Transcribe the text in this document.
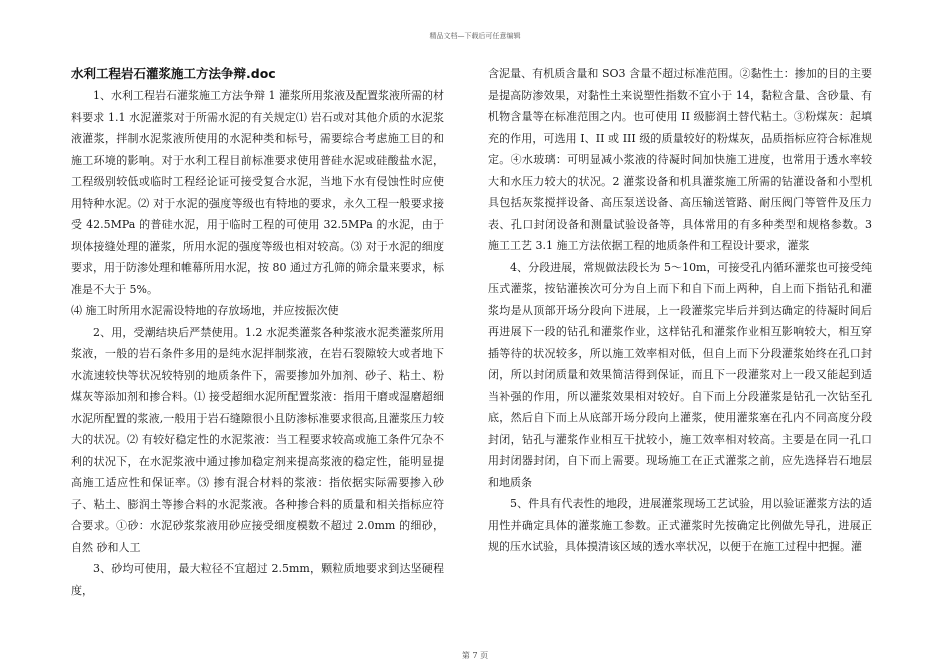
精品文档—下载后可任意编辑

水利工程岩石灌浆施工方法争辩.doc

1、水利工程岩石灌浆施工方法争辩 1 灌浆所用浆液及配置浆液所需的材料要求 1.1 水泥灌浆对于所需水泥的有关规定⑴ 岩石或对其他介质的水泥浆液灌浆，拌制水泥浆液所使用的水泥种类和标号，需要综合考虑施工目的和施工环境的影响。对于水利工程目前标准要求使用普硅水泥或硅酸盐水泥，工程级别较低或临时工程经论证可接受复合水泥，当地下水有侵蚀性时应使用特种水泥。⑵ 对于水泥的强度等级也有特地的要求，永久工程一般要求接受 42.5MPa 的普硅水泥，用于临时工程的可使用 32.5MPa 的水泥，由于坝体接缝处理的灌浆，所用水泥的强度等级也相对较高。⑶ 对于水泥的细度要求，用于防渗处理和帷幕所用水泥，按 80 通过方孔筛的筛余量来要求，标准是不大于 5%。

⑷ 施工时所用水泥需设特地的存放场地，并应按振次使

2、用，受潮结块后严禁使用。1.2 水泥类灌浆各种浆液水泥类灌浆所用浆液，一般的岩石条件多用的是纯水泥拌制浆液，在岩石裂隙较大或者地下水流速较快等状况较特别的地质条件下，需要掺加外加剂、砂子、粘土、粉煤灰等添加剂和掺合料。⑴ 接受超细水泥所配置浆液：指用干磨或湿磨超细水泥所配置的浆液,一般用于岩石缝隙很小且防渗标准要求很高,且灌浆压力较大的状况。⑵ 有较好稳定性的水泥浆液：当工程要求较高或施工条件冗杂不利的状况下，在水泥浆液中通过掺加稳定剂来提高浆液的稳定性，能明显提高施工适应性和保证率。⑶ 掺有混合材料的浆液：指依据实际需要掺入砂子、粘土、膨润土等掺合料的水泥浆液。各种掺合料的质量和相关指标应符合要求。①砂：水泥砂浆浆液用砂应接受细度模数不超过 2.0mm 的细砂，自然 砂和人工

3、砂均可使用，最大粒径不宜超过 2.5mm，颗粒质地要求到达坚硬程度，

含泥量、有机质含量和 SO3 含量不超过标准范围。②黏性土：掺加的目的主要是提高防渗效果，对黏性土来说塑性指数不宜小于 14，黏粒含量、含砂量、有机物含量等在标准范围之内。也可使用 II 级膨润土替代粘土。③粉煤灰：起填充的作用，可选用 I、II 或 III 级的质量较好的粉煤灰，品质指标应符合标准规定。④水玻璃：可明显减小浆液的待凝时间加快施工进度，也常用于透水率较大和水压力较大的状况。2 灌浆设备和机具灌浆施工所需的钻灌设备和小型机具包括灰浆搅拌设备、高压泵送设备、高压输送管路、耐压阀门等管件及压力表、孔口封闭设备和测量试验设备等，具体常用的有多种类型和规格参数。3 施工工艺 3.1 施工方法依据工程的地质条件和工程设计要求，灌浆

4、分段进展，常规做法段长为 5～10m，可接受孔内循环灌浆也可接受纯压式灌浆，按钻灌挨次可分为自上而下和自下而上两种，自上而下指钻孔和灌浆均是从顶部开场分段向下进展，上一段灌浆完毕后并到达确定的待凝时间后再进展下一段的钻孔和灌浆作业，这样钻孔和灌浆作业相互影响较大，相互穿插等待的状况较多，所以施工效率相对低，但自上而下分段灌浆始终在孔口封闭，所以封闭质量和效果简洁得到保证，而且下一段灌浆对上一段又能起到适当补强的作用，所以灌浆效果相对较好。自下而上分段灌浆是钻孔一次钻至孔底，然后自下而上从底部开场分段向上灌浆，使用灌浆塞在孔内不同高度分段封闭，钻孔与灌浆作业相互干扰较小，施工效率相对较高。主要是在同一孔口用封闭器封闭，自下而上需要。现场施工在正式灌浆之前，应先选择岩石地层和地质条

5、件具有代表性的地段，进展灌浆现场工艺试验，用以验证灌浆方法的适用性并确定具体的灌浆施工参数。正式灌浆时先按确定比例做先导孔，进展正规的压水试验，具体摸清该区域的透水率状况，以便于在施工过程中把握。灌

第 7 页
